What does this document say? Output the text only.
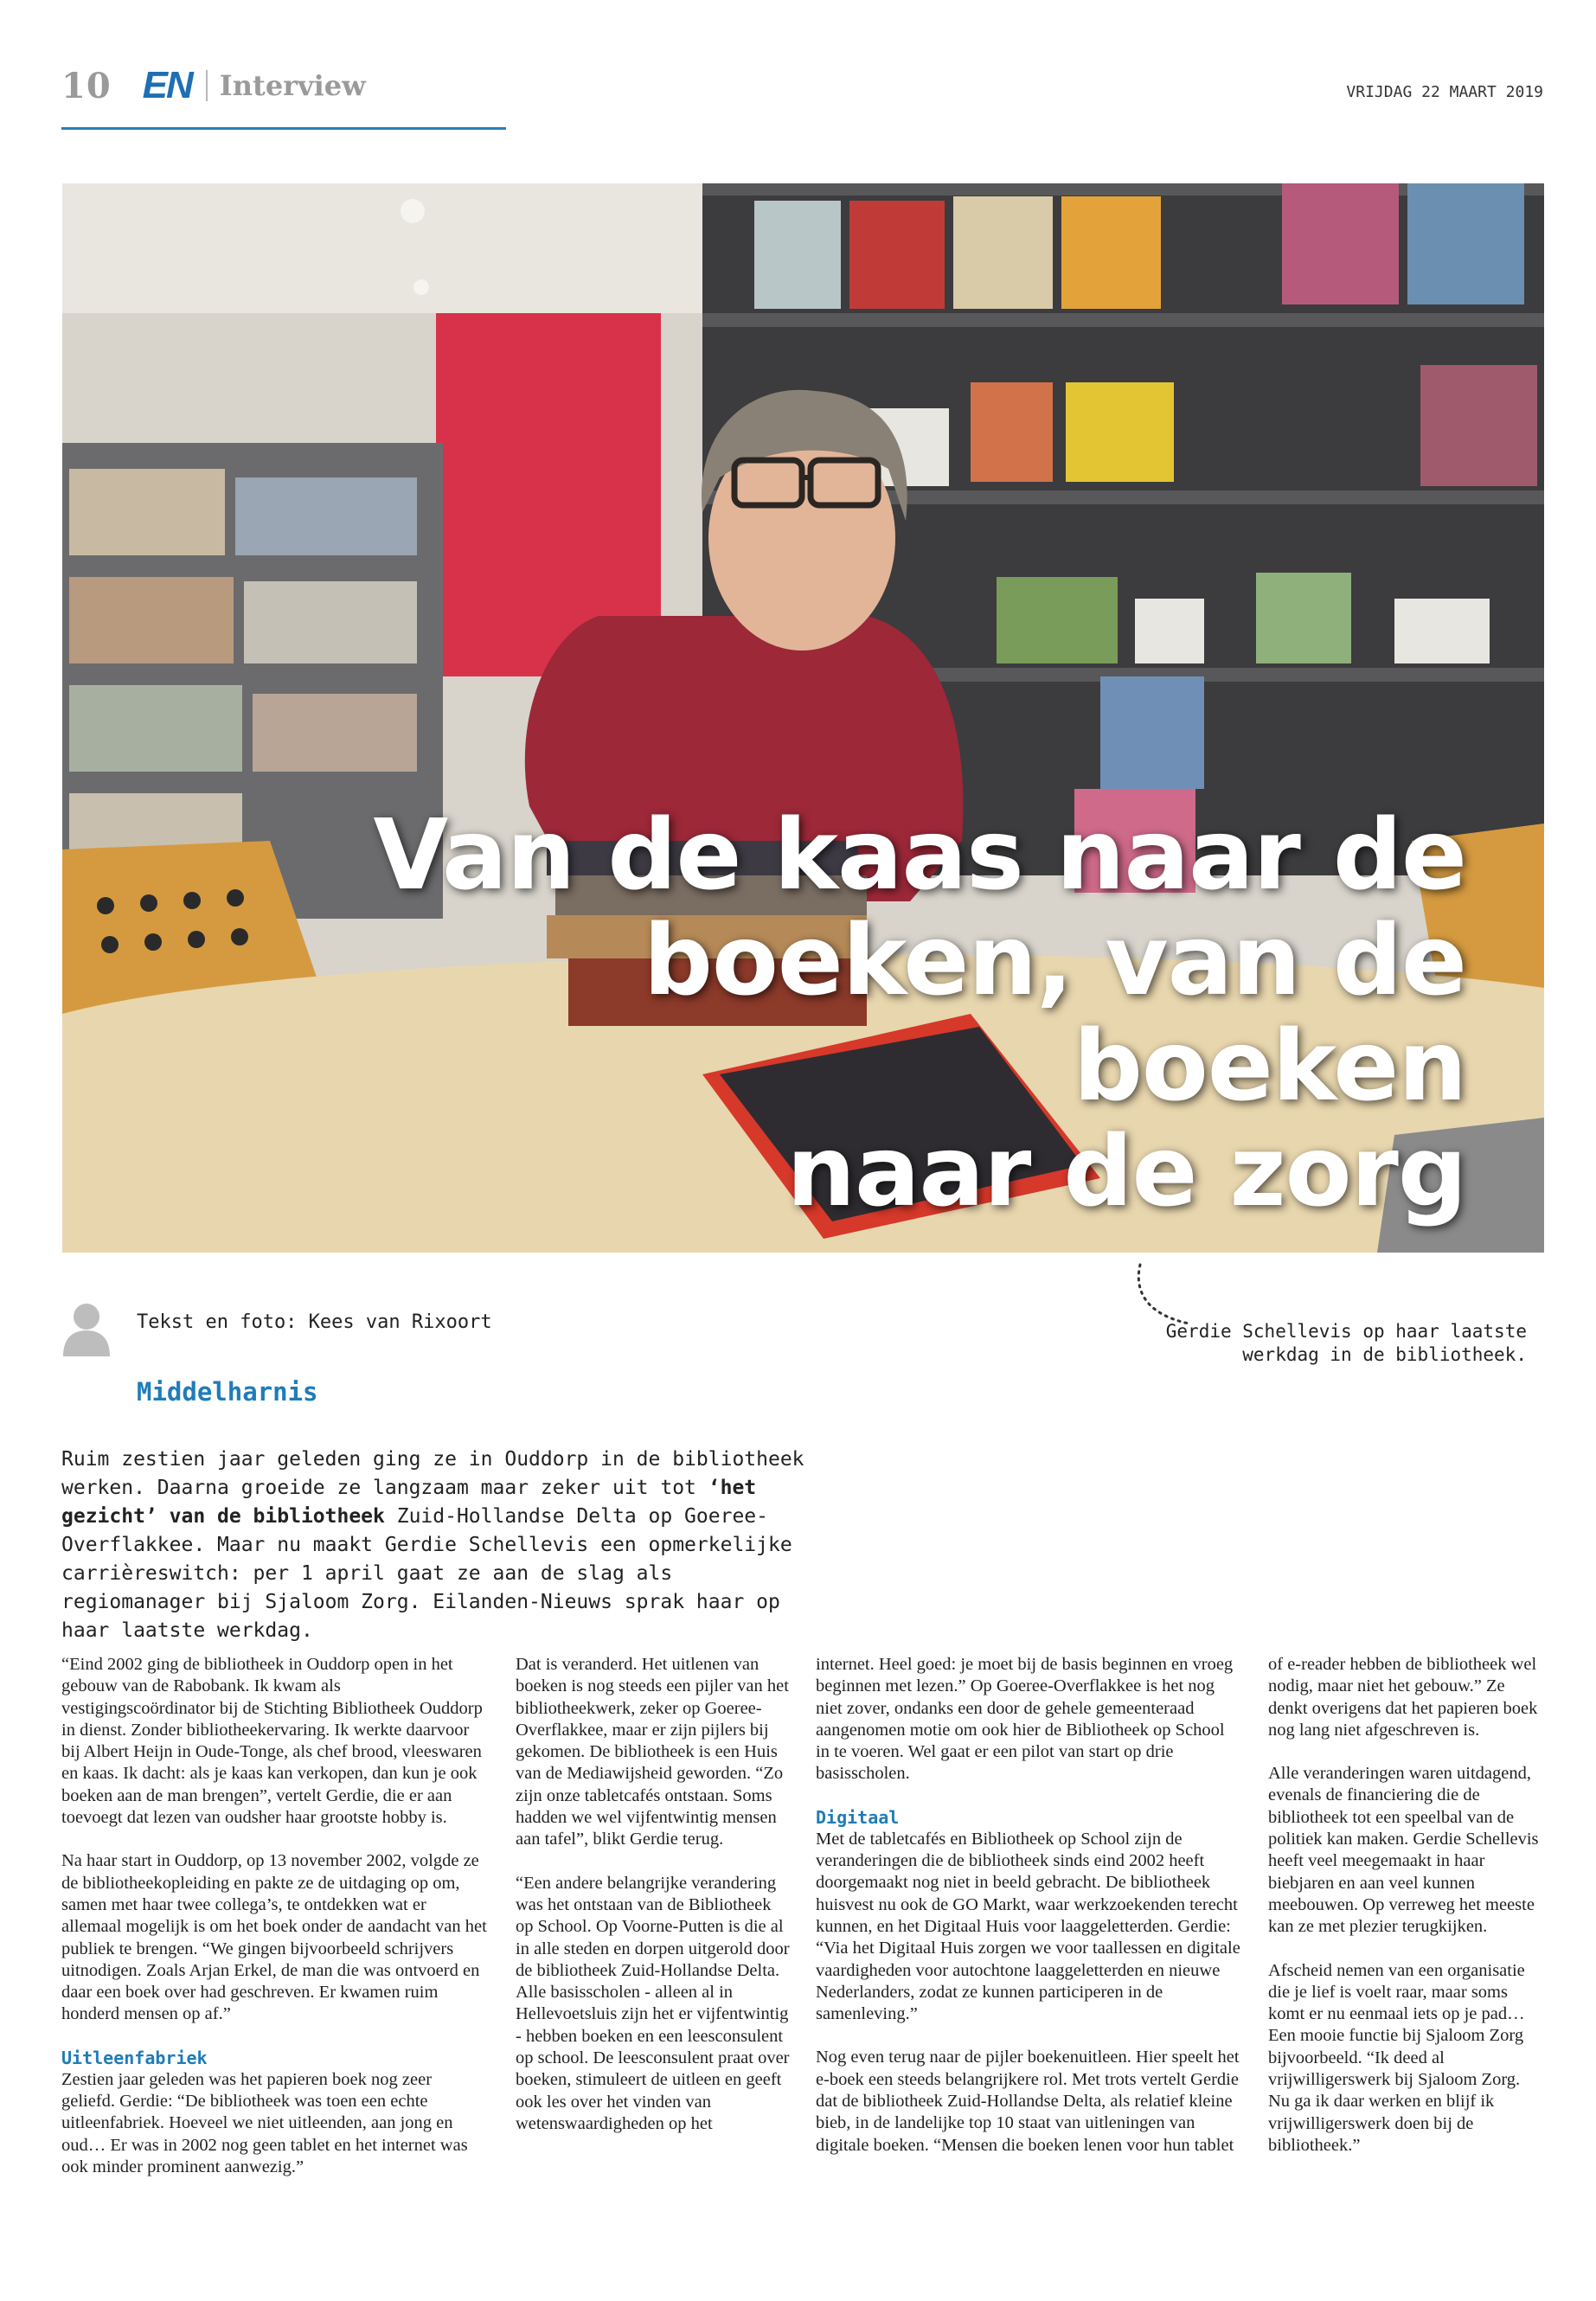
10 EN Interview	VRIJDAG 22 MAART 2019
Van de kaas naar de
boeken, van de boeken
naar de zorg
Tekst en foto: Kees van Rixoort	Gerdie Schellevis op haar laatste
werkdag in de bibliotheek.
Middelharnis
Ruim zestien jaar geleden ging ze in Ouddorp in de bibliotheek werken. Daarna groeide ze langzaam maar zeker uit tot ‘het gezicht’ van de bibliotheek Zuid-Hollandse Delta op Goeree-Overflakkee. Maar nu maakt Gerdie Schellevis een opmerkelijke carrièreswitch: per 1 april gaat ze aan de slag als regiomanager bij Sjaloom Zorg. Eilanden-Nieuws sprak haar op haar laatste werkdag.

“Eind 2002 ging de bibliotheek in Ouddorp open in het gebouw van de Rabobank. Ik kwam als vestigingscoördinator bij de Stichting Bibliotheek Ouddorp in dienst. Zonder bibliotheekervaring. Ik werkte daarvoor bij Albert Heijn in Oude-Tonge, als chef brood, vleeswaren en kaas. Ik dacht: als je kaas kan verkopen, dan kun je ook boeken aan de man brengen”, vertelt Gerdie, die er aan toevoegt dat lezen van oudsher haar grootste hobby is.

Na haar start in Ouddorp, op 13 november 2002, volgde ze de bibliotheekopleiding en pakte ze de uitdaging op om, samen met haar twee collega’s, te ontdekken wat er allemaal mogelijk is om het boek onder de aandacht van het publiek te brengen. “We gingen bijvoorbeeld schrijvers uitnodigen. Zoals Arjan Erkel, de man die was ontvoerd en daar een boek over had geschreven. Er kwamen ruim honderd mensen op af.”

Uitleenfabriek

Zestien jaar geleden was het papieren boek nog zeer geliefd. Gerdie: “De bibliotheek was toen een echte uitleenfabriek. Hoeveel we niet uitleenden, aan jong en oud… Er was in 2002 nog geen tablet en het internet was ook minder prominent aanwezig.”

Dat is veranderd. Het uitlenen van boeken is nog steeds een pijler van het bibliotheekwerk, zeker op Goeree-Overflakkee, maar er zijn pijlers bij gekomen. De bibliotheek is een Huis van de Mediawijsheid geworden. “Zo zijn onze tabletcafés ontstaan. Soms hadden we wel vijfentwintig mensen aan tafel”, blikt Gerdie terug.

“Een andere belangrijke verandering was het ontstaan van de Bibliotheek op School. Op Voorne-Putten is die al in alle steden en dorpen uitgerold door de bibliotheek Zuid-Hollandse Delta. Alle basisscholen - alleen al in Hellevoetsluis zijn het er vijfentwintig - hebben boeken en een leesconsulent op school. De leesconsulent praat over boeken, stimuleert de uitleen en geeft ook les over het vinden van wetenswaardigheden op het

internet. Heel goed: je moet bij de basis beginnen en vroeg beginnen met lezen.” Op Goeree-Overflakkee is het nog niet zover, ondanks een door de gehele gemeenteraad aangenomen motie om ook hier de Bibliotheek op School in te voeren. Wel gaat er een pilot van start op drie basisscholen.

Digitaal

Met de tabletcafés en Bibliotheek op School zijn de veranderingen die de bibliotheek sinds eind 2002 heeft doorgemaakt nog niet in beeld gebracht. De bibliotheek huisvest nu ook de GO Markt, waar werkzoekenden terecht kunnen, en het Digitaal Huis voor laaggeletterden. Gerdie: “Via het Digitaal Huis zorgen we voor taallessen en digitale vaardigheden voor autochtone laaggeletterden en nieuwe Nederlanders, zodat ze kunnen participeren in de samenleving.”

Nog even terug naar de pijler boekenuitleen. Hier speelt het e-boek een steeds belangrijkere rol. Met trots vertelt Gerdie dat de bibliotheek Zuid-Hollandse Delta, als relatief kleine bieb, in de landelijke top 10 staat van uitleningen van digitale boeken. “Mensen die boeken lenen voor hun tablet

of e-reader hebben de bibliotheek wel nodig, maar niet het gebouw.” Ze denkt overigens dat het papieren boek nog lang niet afgeschreven is.

Alle veranderingen waren uitdagend, evenals de financiering die de bibliotheek tot een speelbal van de politiek kan maken. Gerdie Schellevis heeft veel meegemaakt in haar biebjaren en aan veel kunnen meebouwen. Op verreweg het meeste kan ze met plezier terugkijken.

Afscheid nemen van een organisatie die je lief is voelt raar, maar soms komt er nu eenmaal iets op je pad… Een mooie functie bij Sjaloom Zorg bijvoorbeeld. “Ik deed al vrijwilligerswerk bij Sjaloom Zorg. Nu ga ik daar werken en blijf ik vrijwilligerswerk doen bij de bibliotheek.”
